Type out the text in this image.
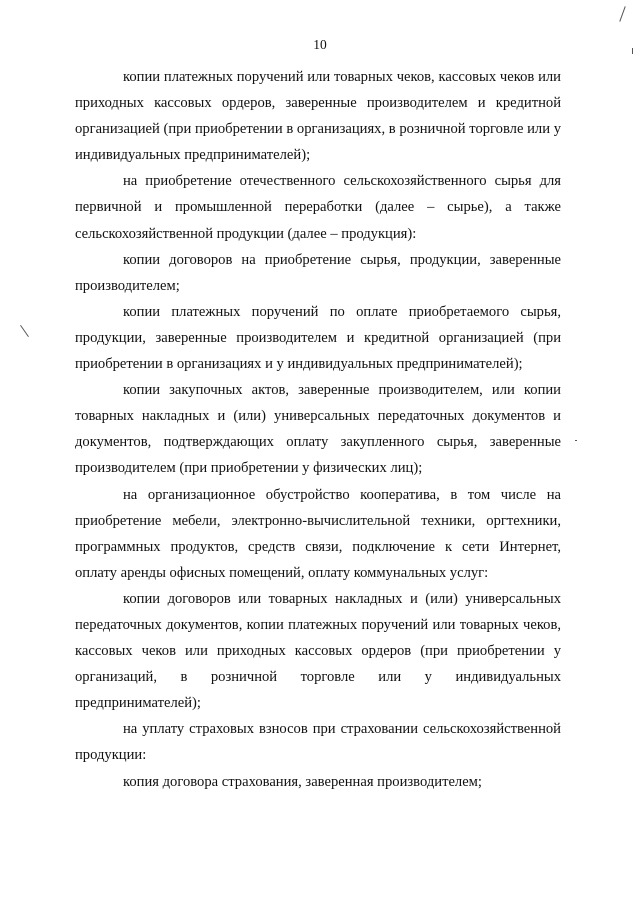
10

копии платежных поручений или товарных чеков, кассовых чеков или приходных кассовых ордеров, заверенные производителем и кредитной организацией (при приобретении в организациях, в розничной торговле или у индивидуальных предпринимателей);

на приобретение отечественного сельскохозяйственного сырья для первичной и промышленной переработки (далее – сырье), а также сельскохозяйственной продукции (далее – продукция):

копии договоров на приобретение сырья, продукции, заверенные производителем;

копии платежных поручений по оплате приобретаемого сырья, продукции, заверенные производителем и кредитной организацией (при приобретении в организациях и у индивидуальных предпринимателей);

копии закупочных актов, заверенные производителем, или копии товарных накладных и (или) универсальных передаточных документов и документов, подтверждающих оплату закупленного сырья, заверенные производителем (при приобретении у физических лиц);

на организационное обустройство кооператива, в том числе на приобретение мебели, электронно-вычислительной техники, оргтехники, программных продуктов, средств связи, подключение к сети Интернет, оплату аренды офисных помещений, оплату коммунальных услуг:

копии договоров или товарных накладных и (или) универсальных передаточных документов, копии платежных поручений или товарных чеков, кассовых чеков или приходных кассовых ордеров (при приобретении у организаций, в розничной торговле или у индивидуальных предпринимателей);

на уплату страховых взносов при страховании сельскохозяйственной продукции:

копия договора страхования, заверенная производителем;
